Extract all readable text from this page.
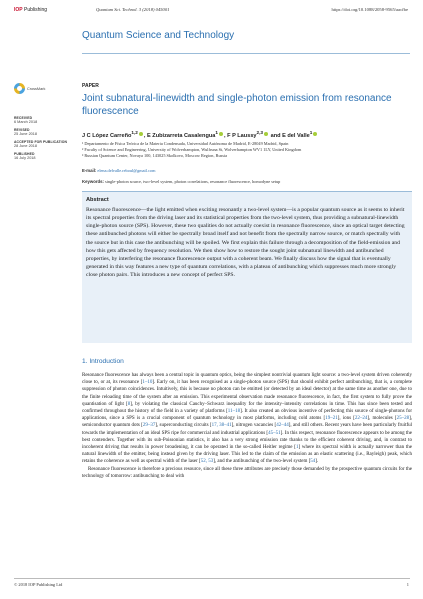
IOP Publishing	Quantum Sci. Technol. 3 (2018) 045001	https://doi.org/10.1088/2058-9565/aacfbe
Quantum Science and Technology
CrossMark
RECEIVED
6 March 2018
REVISED
25 June 2018
ACCEPTED FOR PUBLICATION
28 June 2018
PUBLISHED
16 July 2018
PAPER
Joint subnatural-linewidth and single-photon emission from resonance fluorescence
J C López Carreño$^{1,2}$, E Zubizarreta Casalengua$^1$, F P Laussy$^{2,3}$ and E del Valle$^1$
¹ Departamento de Física Teórica de la Materia Condensada, Universidad Autónoma de Madrid, E-28049 Madrid, Spain
² Faculty of Science and Engineering, University of Wolverhampton, Wulfruna St, Wolverhampton WV1 1LY, United Kingdom
³ Russian Quantum Center, Novaya 100, 143025 Skolkovo, Moscow Region, Russia
E-mail: elena.delvalle.reboul@gmail.com
Keywords: single-photon source, two-level system, photon correlations, resonance fluorescence, homodyne setup
Abstract
Resonance fluorescence—the light emitted when exciting resonantly a two-level system—is a popular quantum source as it seems to inherit its spectral properties from the driving laser and its statistical properties from the two-level system, thus providing a subnatural-linewidth single-photon source (SPS). However, these two qualities do not actually coexist in resonance fluorescence, since an optical target detecting these antibunched photons will either be spectrally broad itself and not benefit from the spectrally narrow source, or match spectrally with the source but in this case the antibunching will be spoiled. We first explain this failure through a decomposition of the field-emission and how this gets affected by frequency resolution. We then show how to restore the sought joint subnatural linewidth and antibunched properties, by interfering the resonance fluorescence output with a coherent beam. We finally discuss how the signal that is eventually generated in this way features a new type of quantum correlations, with a plateau of antibunching which suppresses much more strongly close photon pairs. This introduces a new concept of perfect SPS.
1. Introduction

Resonance fluorescence has always been a central topic in quantum optics, being the simplest nontrivial quantum light source: a two-level system driven coherently close to, or at, its resonance [1–10]. Early on, it has been recognised as a single-photon source (SPS) that should exhibit perfect antibunching, that is, a complete suppression of photon coincidences. Intuitively, this is because no photon can be emitted (or detected by an ideal detector) at the same time as another one, due to the finite reloading time of the system after an emission. This experimental observation made resonance fluorescence, in fact, the first system to fully prove the quantisation of light [8], by violating the classical Cauchy–Schwarz inequality for the intensity–intensity correlations in time. This has since been tested and confirmed throughout the history of the field in a variety of platforms [11–18]. It also created an obvious incentive of perfecting this source of single-photons for applications, since a SPS is a crucial component of quantum technology in most platforms, including cold atoms [19–21], ions [22–24], molecules [25–28], semiconductor quantum dots [29–37], superconducting circuits [17, 38–41], nitrogen vacancies [42–44], and still others. Recent years have been particularly fruitful towards the implementation of an ideal SPS ripe for commercial and industrial applications [45–51]. In this respect, resonance fluorescence appears to be among the best contenders. Together with its sub-Poissonian statistics, it also has a very strong emission rate thanks to the efficient coherent driving, and, in contrast to incoherent driving that results in power broadening, it can be operated in the so-called Heitler regime [1] where its spectral width is actually narrower than the natural linewidth of the emitter, being instead given by the driving laser. This led to the claim of the emission as an elastic scattering (i.e., Rayleigh) peak, which retains the coherence as well as spectral width of the laser [52, 53], and the antibunching of the two-level system [54].

Resonance fluorescence is therefore a precious resource, since all these three attributes are precisely those demanded by the prospective quantum circuits for the technology of tomorrow: antibunching to deal with

© 2018 IOP Publishing Ltd	1
